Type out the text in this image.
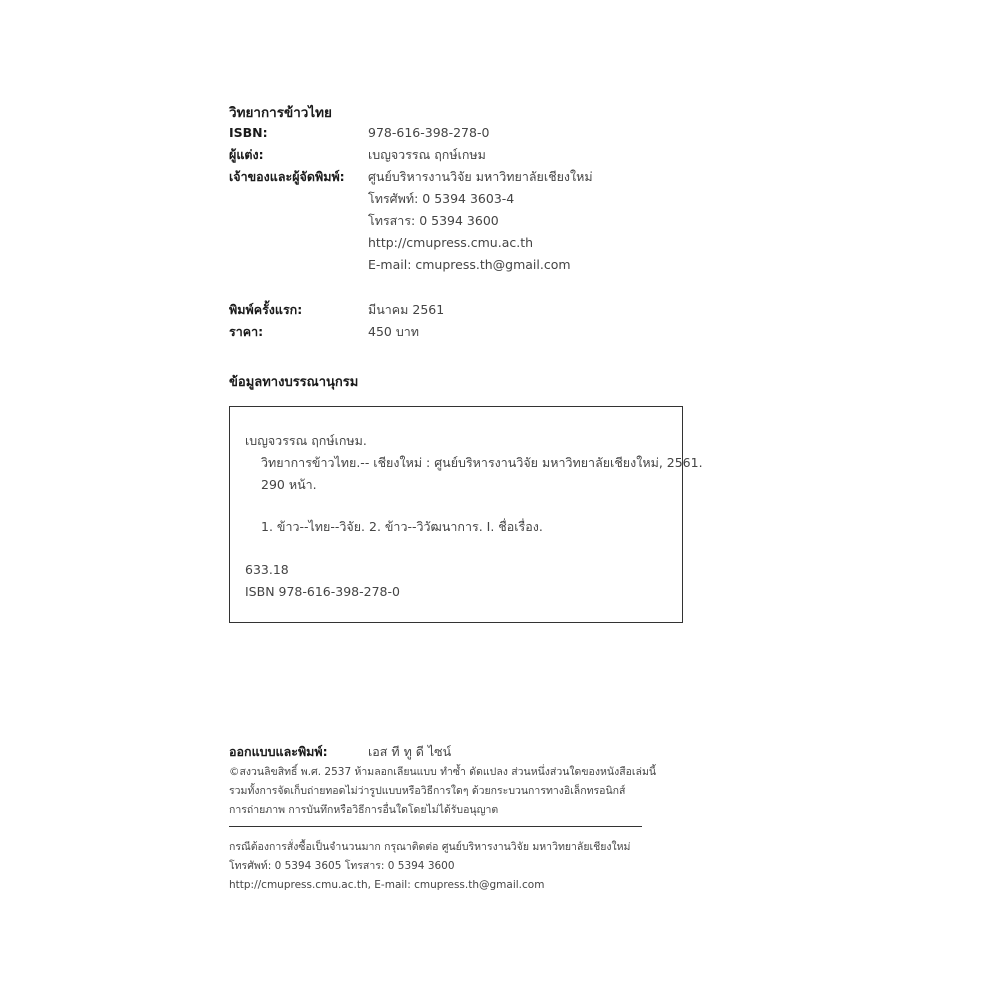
วิทยาการข้าวไทย
ISBN:	978-616-398-278-0
ผู้แต่ง:	เบญจวรรณ ฤกษ์เกษม
เจ้าของและผู้จัดพิมพ์: ศูนย์บริหารงานวิจัย มหาวิทยาลัยเชียงใหม่
โทรศัพท์: 0 5394 3603-4
โทรสาร: 0 5394 3600
http://cmupress.cmu.ac.th
E-mail: cmupress.th@gmail.com
พิมพ์ครั้งแรก:	มีนาคม 2561
ราคา:	450 บาท
ข้อมูลทางบรรณานุกรม
เบญจวรรณ ฤกษ์เกษม.
วิทยาการข้าวไทย.-- เชียงใหม่ : ศูนย์บริหารงานวิจัย มหาวิทยาลัยเชียงใหม่, 2561.
290 หน้า.
1. ข้าว--ไทย--วิจัย. 2. ข้าว--วิวัฒนาการ. I. ชื่อเรื่อง.
633.18
ISBN 978-616-398-278-0
ออกแบบและพิมพ์:	เอส ที ทู ดี ไซน์
©สงวนลิขสิทธิ์ พ.ศ. 2537 ห้ามลอกเลียนแบบ ทำซ้ำ ดัดแปลง ส่วนหนึ่งส่วนใดของหนังสือเล่มนี้
รวมทั้งการจัดเก็บถ่ายทอดไม่ว่ารูปแบบหรือวิธีการใดๆ ด้วยกระบวนการทางอิเล็กทรอนิกส์
การถ่ายภาพ การบันทึกหรือวิธีการอื่นใดโดยไม่ได้รับอนุญาต
กรณีต้องการสั่งซื้อเป็นจำนวนมาก กรุณาติดต่อ ศูนย์บริหารงานวิจัย มหาวิทยาลัยเชียงใหม่
โทรศัพท์: 0 5394 3605 โทรสาร: 0 5394 3600
http://cmupress.cmu.ac.th, E-mail: cmupress.th@gmail.com
